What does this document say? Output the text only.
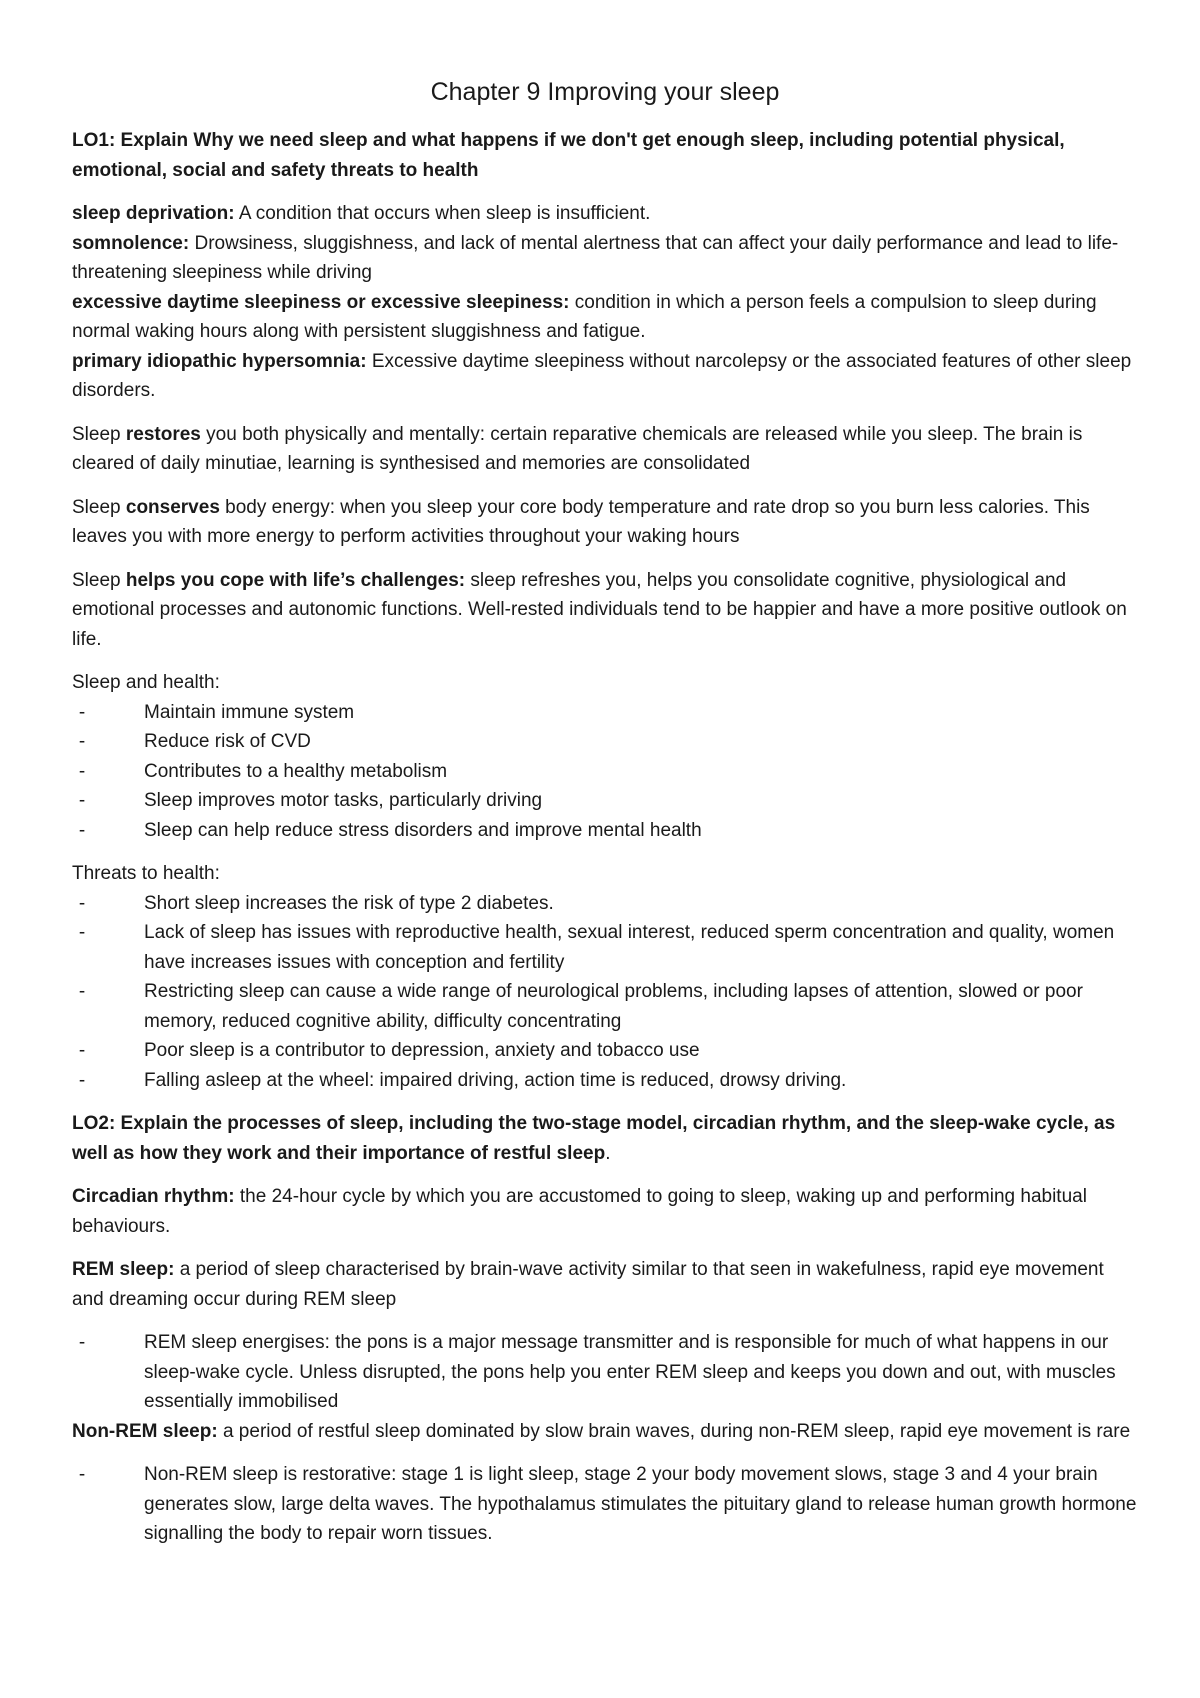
Chapter 9 Improving your sleep

LO1: Explain Why we need sleep and what happens if we don't get enough sleep, including potential physical, emotional, social and safety threats to health

sleep deprivation: A condition that occurs when sleep is insufficient.

somnolence: Drowsiness, sluggishness, and lack of mental alertness that can affect your daily performance and lead to life-threatening sleepiness while driving

excessive daytime sleepiness or excessive sleepiness: condition in which a person feels a compulsion to sleep during normal waking hours along with persistent sluggishness and fatigue.

primary idiopathic hypersomnia: Excessive daytime sleepiness without narcolepsy or the associated features of other sleep disorders.

Sleep restores you both physically and mentally: certain reparative chemicals are released while you sleep. The brain is cleared of daily minutiae, learning is synthesised and memories are consolidated

Sleep conserves body energy: when you sleep your core body temperature and rate drop so you burn less calories. This leaves you with more energy to perform activities throughout your waking hours

Sleep helps you cope with life’s challenges: sleep refreshes you, helps you consolidate cognitive, physiological and emotional processes and autonomic functions. Well-rested individuals tend to be happier and have a more positive outlook on life.

Sleep and health:

- Maintain immune system
- Reduce risk of CVD
- Contributes to a healthy metabolism
- Sleep improves motor tasks, particularly driving
- Sleep can help reduce stress disorders and improve mental health

Threats to health:

- Short sleep increases the risk of type 2 diabetes.
- Lack of sleep has issues with reproductive health, sexual interest, reduced sperm concentration and quality, women have increases issues with conception and fertility
- Restricting sleep can cause a wide range of neurological problems, including lapses of attention, slowed or poor memory, reduced cognitive ability, difficulty concentrating
- Poor sleep is a contributor to depression, anxiety and tobacco use
- Falling asleep at the wheel: impaired driving, action time is reduced, drowsy driving.

LO2: Explain the processes of sleep, including the two-stage model, circadian rhythm, and the sleep-wake cycle, as well as how they work and their importance of restful sleep.

Circadian rhythm: the 24-hour cycle by which you are accustomed to going to sleep, waking up and performing habitual behaviours.

REM sleep: a period of sleep characterised by brain-wave activity similar to that seen in wakefulness, rapid eye movement and dreaming occur during REM sleep

- REM sleep energises: the pons is a major message transmitter and is responsible for much of what happens in our sleep-wake cycle. Unless disrupted, the pons help you enter REM sleep and keeps you down and out, with muscles essentially immobilised

Non-REM sleep: a period of restful sleep dominated by slow brain waves, during non-REM sleep, rapid eye movement is rare

- Non-REM sleep is restorative: stage 1 is light sleep, stage 2 your body movement slows, stage 3 and 4 your brain generates slow, large delta waves. The hypothalamus stimulates the pituitary gland to release human growth hormone signalling the body to repair worn tissues.
